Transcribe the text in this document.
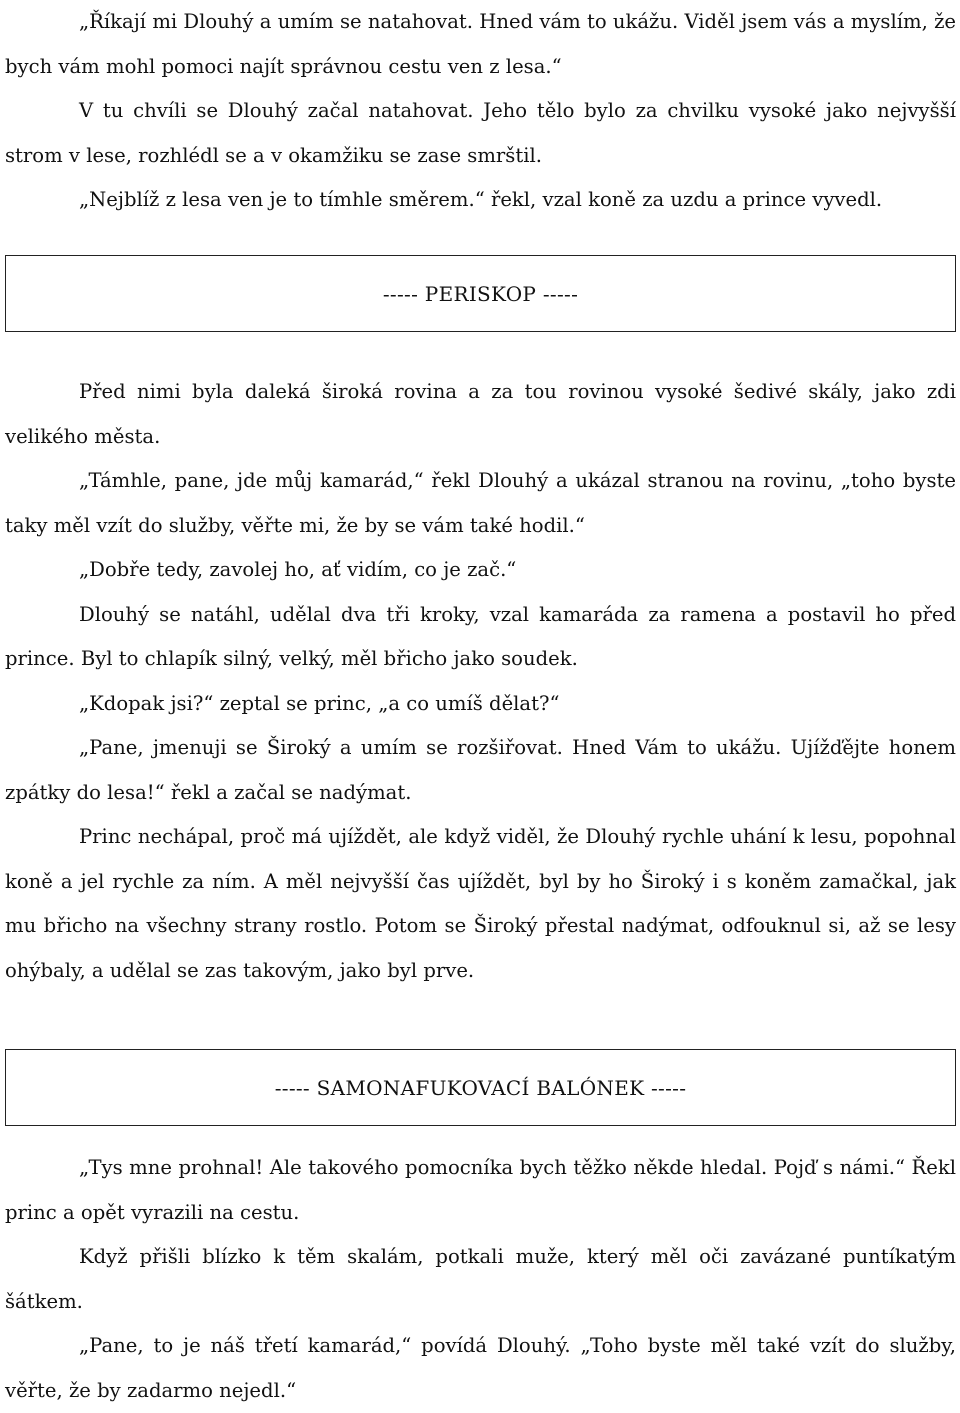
„Říkají mi Dlouhý a umím se natahovat. Hned vám to ukážu. Viděl jsem vás a myslím, že bych vám mohl pomoci najít správnou cestu ven z lesa.“

V tu chvíli se Dlouhý začal natahovat. Jeho tělo bylo za chvilku vysoké jako nejvyšší strom v lese, rozhlédl se a v okamžiku se zase smrštil.

„Nejblíž z lesa ven je to tímhle směrem.“ řekl, vzal koně za uzdu a prince vyvedl.

----- PERISKOP -----

Před nimi byla daleká široká rovina a za tou rovinou vysoké šedivé skály, jako zdi velikého města.

„Támhle, pane, jde můj kamarád,“ řekl Dlouhý a ukázal stranou na rovinu, „toho byste taky měl vzít do služby, věřte mi, že by se vám také hodil.“

„Dobře tedy, zavolej ho, ať vidím, co je zač.“

Dlouhý se natáhl, udělal dva tři kroky, vzal kamaráda za ramena a postavil ho před prince. Byl to chlapík silný, velký, měl břicho jako soudek.

„Kdopak jsi?“ zeptal se princ, „a co umíš dělat?“

„Pane, jmenuji se Široký a umím se rozšiřovat. Hned Vám to ukážu. Ujížďějte honem zpátky do lesa!“ řekl a začal se nadýmat.

Princ nechápal, proč má ujíždět, ale když viděl, že Dlouhý rychle uhání k lesu, popohnal koně a jel rychle za ním. A měl nejvyšší čas ujíždět, byl by ho Široký i s koněm zamačkal, jak mu břicho na všechny strany rostlo. Potom se Široký přestal nadýmat, odfouknul si, až se lesy ohýbaly, a udělal se zas takovým, jako byl prve.

----- SAMONAFUKOVACÍ BALÓNEK -----

„Tys mne prohnal! Ale takového pomocníka bych těžko někde hledal. Pojď s námi.“ Řekl princ a opět vyrazili na cestu.

Když přišli blízko k těm skalám, potkali muže, který měl oči zavázané puntíkatým šátkem.

„Pane, to je náš třetí kamarád,“ povídá Dlouhý. „Toho byste měl také vzít do služby, věřte, že by zadarmo nejedl.“
